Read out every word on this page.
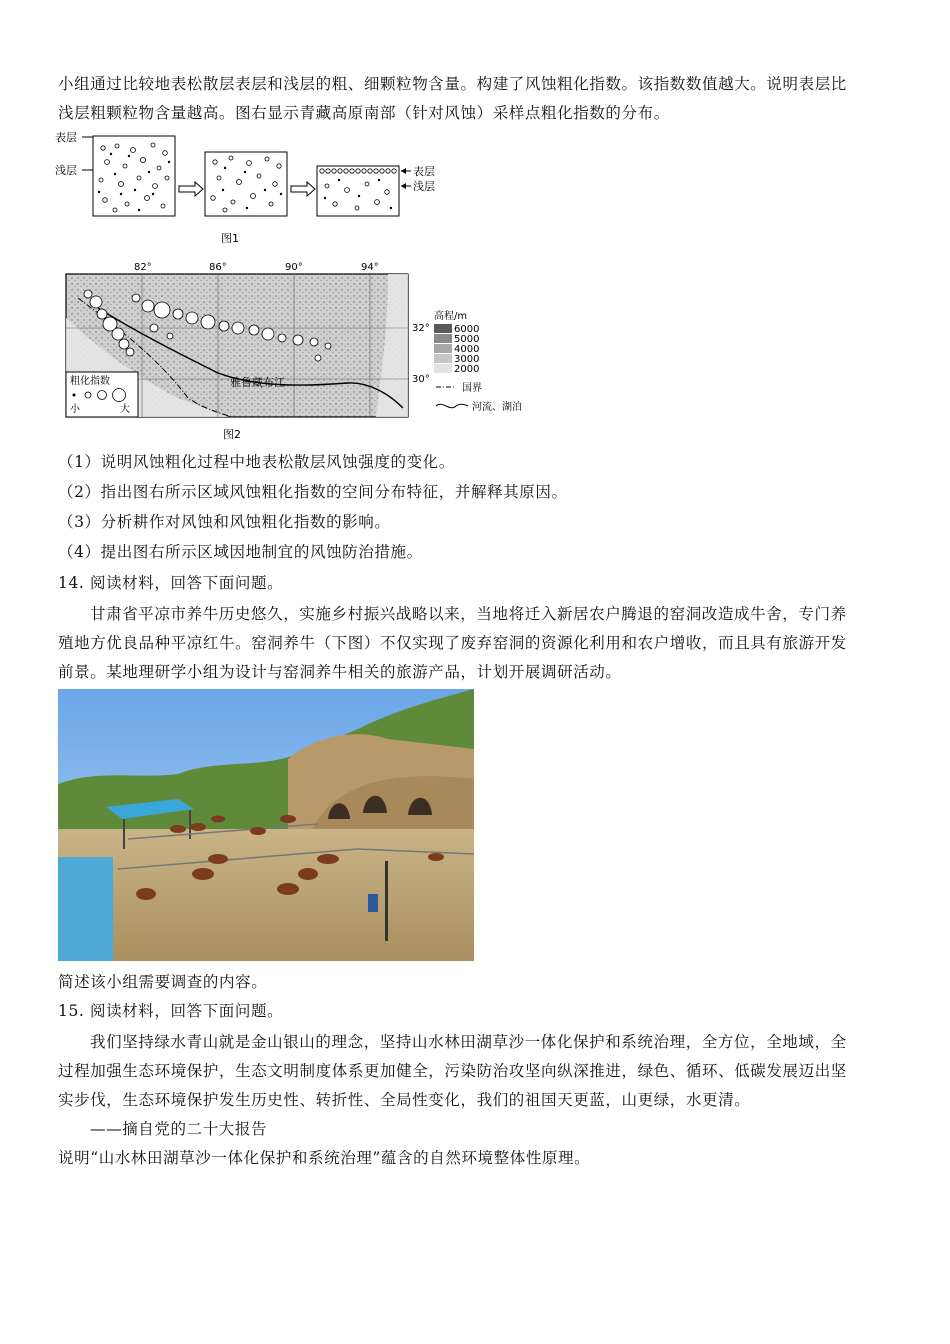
小组通过比较地表松散层表层和浅层的粗、细颗粒物含量。构建了风蚀粗化指数。该指数数值越大。说明表层比

浅层粗颗粒物含量越高。图右显示青藏高原南部（针对风蚀）采样点粗化指数的分布。

表层
浅层	表层
浅层
图1
82°	86°	90°	94°
32°
30°
雅鲁藏布江
粗化指数
小	大
高程/m
6000
5000
4000
3000
2000
国界
河流、湖泊
图2

（1）说明风蚀粗化过程中地表松散层风蚀强度的变化。

（2）指出图右所示区域风蚀粗化指数的空间分布特征，并解释其原因。

（3）分析耕作对风蚀和风蚀粗化指数的影响。

（4）提出图右所示区域因地制宜的风蚀防治措施。

14. 阅读材料，回答下面问题。

甘肃省平凉市养牛历史悠久，实施乡村振兴战略以来，当地将迁入新居农户腾退的窑洞改造成牛舍，专门养

殖地方优良品种平凉红牛。窑洞养牛（下图）不仅实现了废弃窑洞的资源化利用和农户增收，而且具有旅游开发

前景。某地理研学小组为设计与窑洞养牛相关的旅游产品，计划开展调研活动。

简述该小组需要调查的内容。

15. 阅读材料，回答下面问题。

我们坚持绿水青山就是金山银山的理念，坚持山水林田湖草沙一体化保护和系统治理，全方位，全地域，全

过程加强生态环境保护，生态文明制度体系更加健全，污染防治攻坚向纵深推进，绿色、循环、低碳发展迈出坚

实步伐，生态环境保护发生历史性、转折性、全局性变化，我们的祖国天更蓝，山更绿，水更清。

——摘自党的二十大报告

说明“山水林田湖草沙一体化保护和系统治理”蕴含的自然环境整体性原理。
